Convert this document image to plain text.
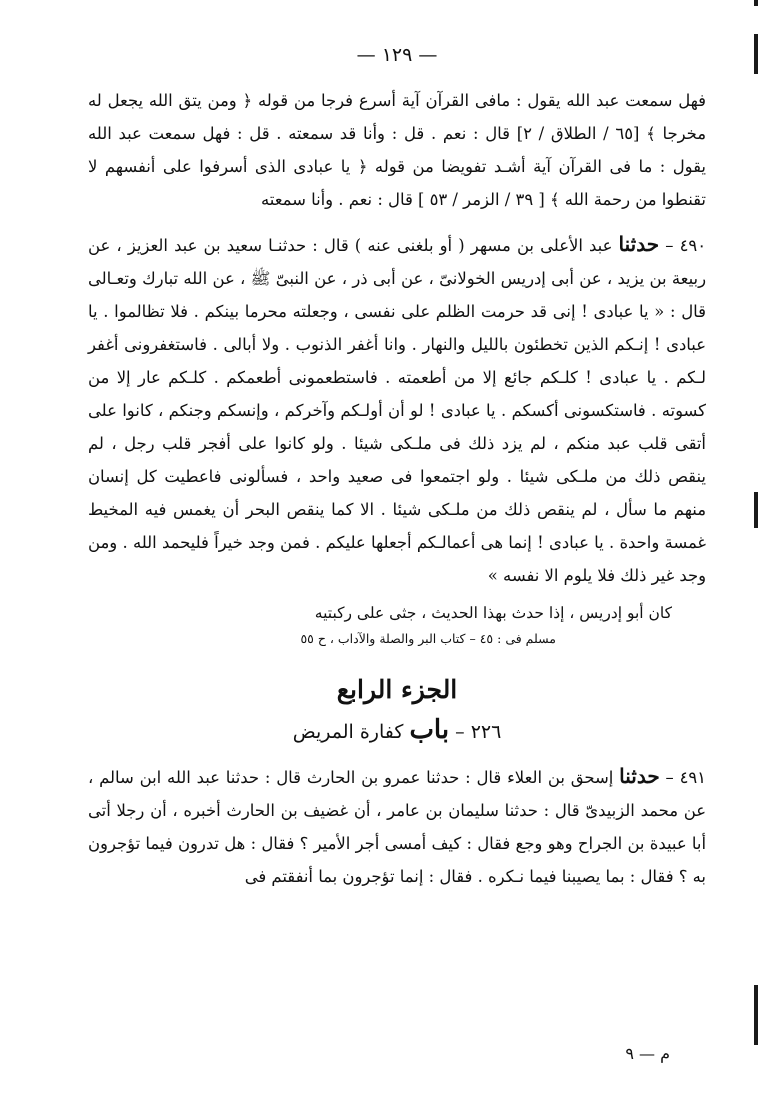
— ١٢٩ —

فهل سمعت عبد الله يقول : مافى القرآن آية أسرع فرجا من قوله ﴿ ومن يتق الله يجعل له مخرجا ﴾ [٦٥ / الطلاق / ٢] قال : نعم . قل : وأنا قد سمعته . قل : فهل سمعت عبد الله يقول : ما فى القرآن آية أشـد تفويضا من قوله ﴿ يا عبادى الذى أسرفوا على أنفسهم لا تقنطوا من رحمة الله ﴾ [ ٣٩ / الزمر / ٥٣ ] قال : نعم . وأنا سمعته

٤٩٠ – حدثنا عبد الأعلى بن مسهر ( أو بلغنى عنه ) قال : حدثنـا سعيد بن عبد العزيز ، عن ربيعة بن يزيد ، عن أبى إدريس الخولانىّ ، عن أبى ذر ، عن النبىّ ﷺ ، عن الله تبارك وتعـالى قال : « يا عبادى ! إنى قد حرمت الظلم على نفسى ، وجعلته محرما بينكم . فلا تظالموا . يا عبادى ! إنـكم الذين تخطئون بالليل والنهار . وانا أغفر الذنوب . ولا أبالى . فاستغفرونى أغفر لـكم . يا عبادى ! كلـكم جائع إلا من أطعمته . فاستطعمونى أطعمكم . كلـكم عار إلا من كسوته . فاستكسونى أكسكم . يا عبادى ! لو أن أولـكم وآخركم ، وإنسكم وجنكم ، كانوا على أتقى قلب عبد منكم ، لم يزد ذلك فى ملـكى شيئا . ولو كانوا على أفجر قلب رجل ، لم ينقص ذلك من ملـكى شيئا . ولو اجتمعوا فى صعيد واحد ، فسألونى فاعطيت كل إنسان منهم ما سأل ، لم ينقص ذلك من ملـكى شيئا . الا كما ينقص البحر أن يغمس فيه المخيط غمسة واحدة . يا عبادى ! إنما هى أعمالـكم أجعلها عليكم . فمن وجد خيراً فليحمد الله . ومن وجد غير ذلك فلا يلوم الا نفسه »

كان أبو إدريس ، إذا حدث بهذا الحديث ، جثى على ركبتيه

مسلم فى : ٤٥ – كتاب البر والصلة والآداب ، ح ٥٥

الجزء الرابع
٢٢٦ – باب كفارة المريض

٤٩١ – حدثنا إسحق بن العلاء قال : حدثنا عمرو بن الحارث قال : حدثنا عبد الله ابن سالم ، عن محمد الزبيدىّ قال : حدثنا سليمان بن عامر ، أن غضيف بن الحارث أخبره ، أن رجلا أتى أبا عبيدة بن الجراح وهو وجع فقال : كيف أمسى أجر الأمير ؟ فقال : هل تدرون فيما تؤجرون به ؟ فقال : بما يصيبنا فيما نـكره . فقال : إنما تؤجرون بما أنفقتم فى

م — ٩
